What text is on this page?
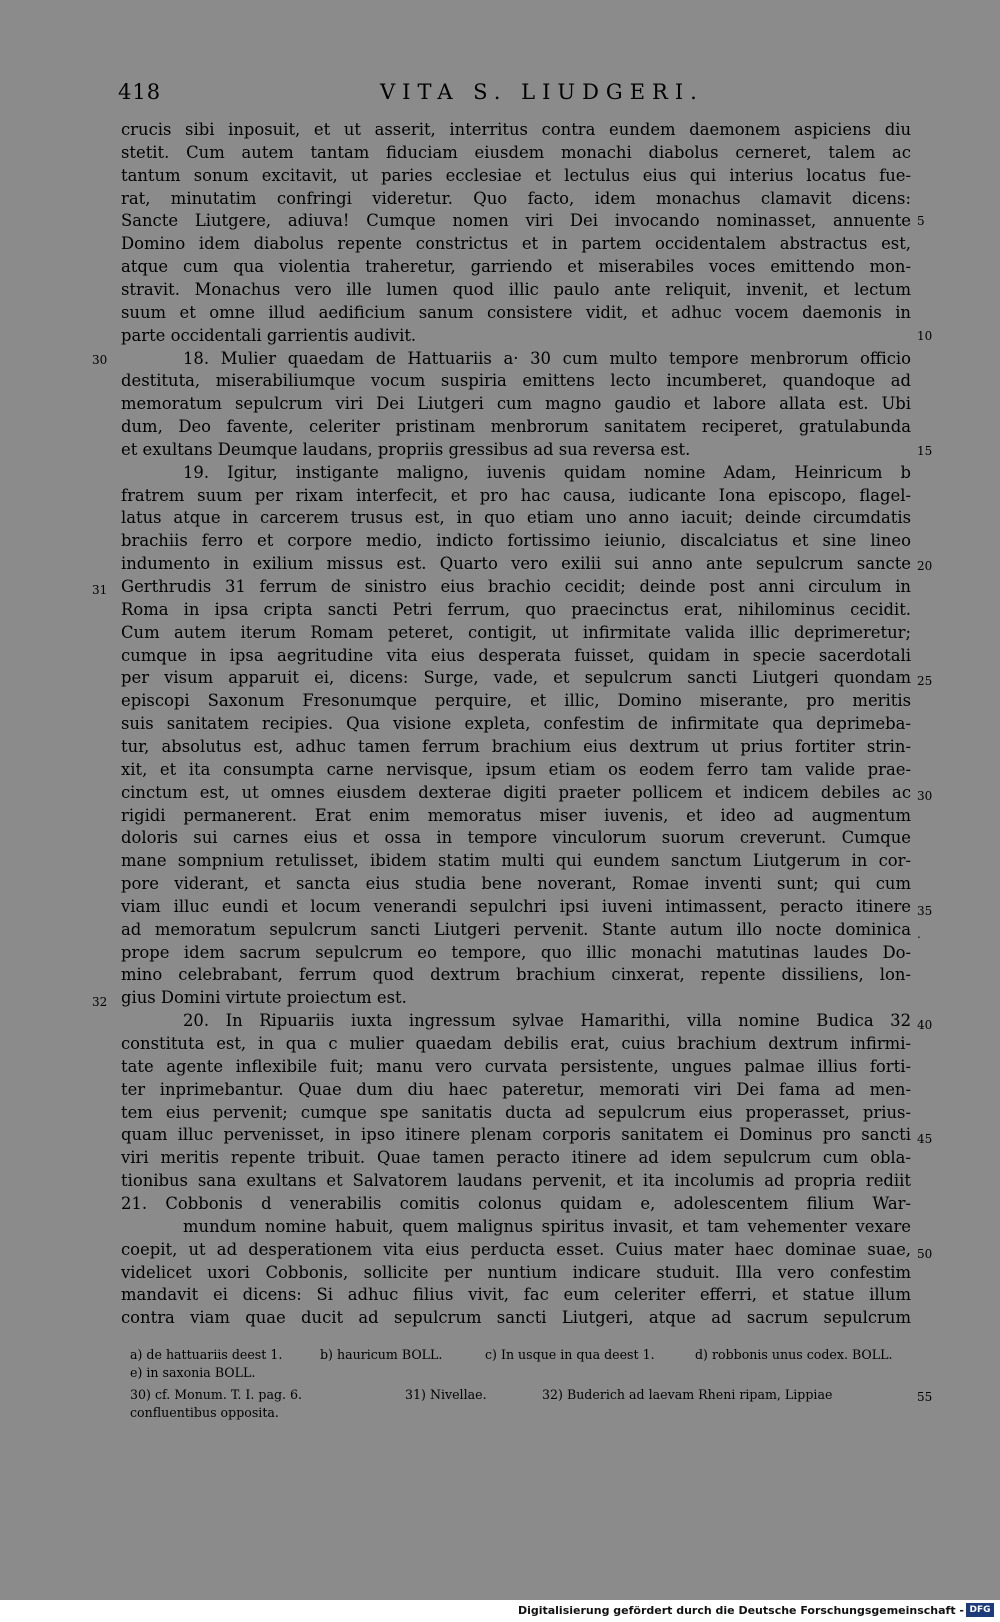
418	VITA S. LIUDGERI.
crucis sibi inposuit, et ut asserit, interritus contra eundem daemonem aspiciens diu
stetit. Cum autem tantam fiduciam eiusdem monachi diabolus cerneret, talem ac
tantum sonum excitavit, ut paries ecclesiae et lectulus eius qui interius locatus fue-
rat, minutatim confringi videretur. Quo facto, idem monachus clamavit dicens:
Sancte Liutgere, adiuva! Cumque nomen viri Dei invocando nominasset, annuente
Domino idem diabolus repente constrictus et in partem occidentalem abstractus est,
atque cum qua violentia traheretur, garriendo et miserabiles voces emittendo mon-
stravit. Monachus vero ille lumen quod illic paulo ante reliquit, invenit, et lectum
suum et omne illud aedificium sanum consistere vidit, et adhuc vocem daemonis in
parte occidentali garrientis audivit.
18. Mulier quaedam de Hattuariis a· 30 cum multo tempore menbrorum officio
destituta, miserabiliumque vocum suspiria emittens lecto incumberet, quandoque ad
memoratum sepulcrum viri Dei Liutgeri cum magno gaudio et labore allata est. Ubi
dum, Deo favente, celeriter pristinam menbrorum sanitatem reciperet, gratulabunda
et exultans Deumque laudans, propriis gressibus ad sua reversa est.
19. Igitur, instigante maligno, iuvenis quidam nomine Adam, Heinricum b
fratrem suum per rixam interfecit, et pro hac causa, iudicante Iona episcopo, flagel-
latus atque in carcerem trusus est, in quo etiam uno anno iacuit; deinde circumdatis
brachiis ferro et corpore medio, indicto fortissimo ieiunio, discalciatus et sine lineo
indumento in exilium missus est. Quarto vero exilii sui anno ante sepulcrum sancte
Gerthrudis 31 ferrum de sinistro eius brachio cecidit; deinde post anni circulum in
Roma in ipsa cripta sancti Petri ferrum, quo praecinctus erat, nihilominus cecidit.
Cum autem iterum Romam peteret, contigit, ut infirmitate valida illic deprimeretur;
cumque in ipsa aegritudine vita eius desperata fuisset, quidam in specie sacerdotali
per visum apparuit ei, dicens: Surge, vade, et sepulcrum sancti Liutgeri quondam
episcopi Saxonum Fresonumque perquire, et illic, Domino miserante, pro meritis
suis sanitatem recipies. Qua visione expleta, confestim de infirmitate qua deprimeba-
tur, absolutus est, adhuc tamen ferrum brachium eius dextrum ut prius fortiter strin-
xit, et ita consumpta carne nervisque, ipsum etiam os eodem ferro tam valide prae-
cinctum est, ut omnes eiusdem dexterae digiti praeter pollicem et indicem debiles ac
rigidi permanerent. Erat enim memoratus miser iuvenis, et ideo ad augmentum
doloris sui carnes eius et ossa in tempore vinculorum suorum creverunt. Cumque
mane sompnium retulisset, ibidem statim multi qui eundem sanctum Liutgerum in cor-
pore viderant, et sancta eius studia bene noverant, Romae inventi sunt; qui cum
viam illuc eundi et locum venerandi sepulchri ipsi iuveni intimassent, peracto itinere
ad memoratum sepulcrum sancti Liutgeri pervenit. Stante autum illo nocte dominica
prope idem sacrum sepulcrum eo tempore, quo illic monachi matutinas laudes Do-
mino celebrabant, ferrum quod dextrum brachium cinxerat, repente dissiliens, lon-
gius Domini virtute proiectum est.
20. In Ripuariis iuxta ingressum sylvae Hamarithi, villa nomine Budica 32
constituta est, in qua c mulier quaedam debilis erat, cuius brachium dextrum infirmi-
tate agente inflexibile fuit; manu vero curvata persistente, ungues palmae illius forti-
ter inprimebantur. Quae dum diu haec pateretur, memorati viri Dei fama ad men-
tem eius pervenit; cumque spe sanitatis ducta ad sepulcrum eius properasset, prius-
quam illuc pervenisset, in ipso itinere plenam corporis sanitatem ei Dominus pro sancti
viri meritis repente tribuit. Quae tamen peracto itinere ad idem sepulcrum cum obla-
tionibus sana exultans et Salvatorem laudans pervenit, et ita incolumis ad propria rediit
21. Cobbonis d venerabilis comitis colonus quidam e, adolescentem filium War-
mundum nomine habuit, quem malignus spiritus invasit, et tam vehementer vexare
coepit, ut ad desperationem vita eius perducta esset. Cuius mater haec dominae suae,
videlicet uxori Cobbonis, sollicite per nuntium indicare studuit. Illa vero confestim
mandavit ei dicens: Si adhuc filius vivit, fac eum celeriter efferri, et statue illum
contra viam quae ducit ad sepulcrum sancti Liutgeri, atque ad sacrum sepulcrum
5
10
15
20
25
30
35
.
40
45
50
55
30
31
32
a) de hattuariis deest 1.	b) hauricum BOLL.	c) In usque in qua deest 1.	d) robbonis unus codex. BOLL.
e) in saxonia BOLL.
30) cf. Monum. T. I. pag. 6.	31) Nivellae.	32) Buderich ad laevam Rheni ripam, Lippiae
confluentibus opposita.
Digitalisierung gefördert durch die Deutsche Forschungsgemeinschaft - DFG
